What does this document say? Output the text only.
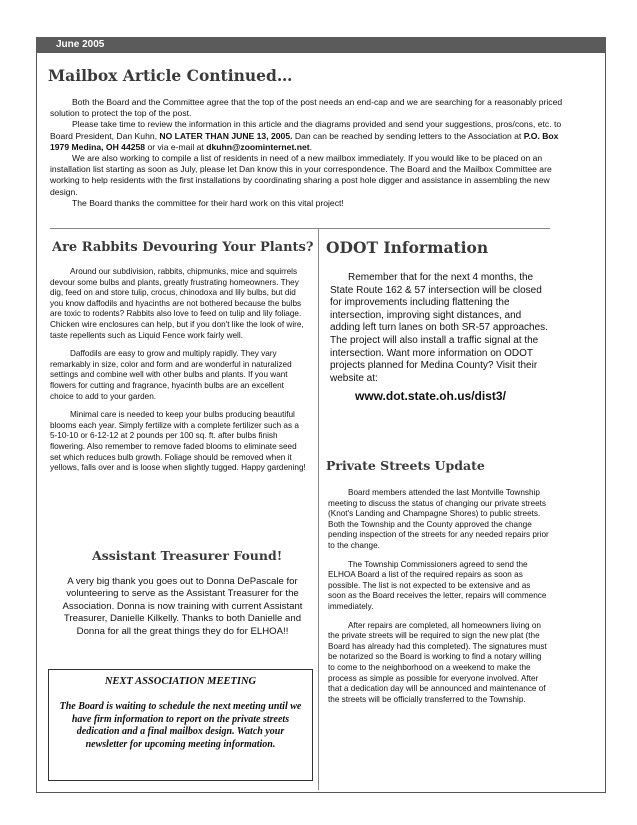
June 2005
Mailbox Article Continued…

Both the Board and the Committee agree that the top of the post needs an end-cap and we are searching for a reasonably priced solution to protect the top of the post.

Please take time to review the information in this article and the diagrams provided and send your suggestions, pros/cons, etc. to Board President, Dan Kuhn, NO LATER THAN JUNE 13, 2005. Dan can be reached by sending letters to the Association at P.O. Box 1979 Medina, OH 44258 or via e-mail at dkuhn@zoominternet.net.

We are also working to compile a list of residents in need of a new mailbox immediately. If you would like to be placed on an installation list starting as soon as July, please let Dan know this in your correspondence. The Board and the Mailbox Committee are working to help residents with the first installations by coordinating sharing a post hole digger and assistance in assembling the new design.

The Board thanks the committee for their hard work on this vital project!

Are Rabbits Devouring Your Plants?

Around our subdivision, rabbits, chipmunks, mice and squirrels devour some bulbs and plants, greatly frustrating homeowners. They dig, feed on and store tulip, crocus, chinodoxa and lily bulbs, but did you know daffodils and hyacinths are not bothered because the bulbs are toxic to rodents? Rabbits also love to feed on tulip and lily foliage. Chicken wire enclosures can help, but if you don't like the look of wire, taste repellents such as Liquid Fence work fairly well.

Daffodils are easy to grow and multiply rapidly. They vary remarkably in size, color and form and are wonderful in naturalized settings and combine well with other bulbs and plants. If you want flowers for cutting and fragrance, hyacinth bulbs are an excellent choice to add to your garden.

Minimal care is needed to keep your bulbs producing beautiful blooms each year. Simply fertilize with a complete fertilizer such as a 5-10-10 or 6-12-12 at 2 pounds per 100 sq. ft. after bulbs finish flowering. Also remember to remove faded blooms to eliminate seed set which reduces bulb growth. Foliage should be removed when it yellows, falls over and is loose when slightly tugged. Happy gardening!

Assistant Treasurer Found!
A very big thank you goes out to Donna DePascale for volunteering to serve as the Assistant Treasurer for the Association. Donna is now training with current Assistant Treasurer, Danielle Kilkelly. Thanks to both Danielle and Donna for all the great things they do for ELHOA!!
NEXT ASSOCIATION MEETING
The Board is waiting to schedule the next meeting until we have firm information to report on the private streets dedication and a final mailbox design. Watch your newsletter for upcoming meeting information.
ODOT Information
Remember that for the next 4 months, the State Route 162 & 57 intersection will be closed for improvements including flattening the intersection, improving sight distances, and adding left turn lanes on both SR-57 approaches. The project will also install a traffic signal at the intersection. Want more information on ODOT projects planned for Medina County? Visit their website at:
www.dot.state.oh.us/dist3/
Private Streets Update

Board members attended the last Montville Township meeting to discuss the status of changing our private streets (Knot's Landing and Champagne Shores) to public streets. Both the Township and the County approved the change pending inspection of the streets for any needed repairs prior to the change.

The Township Commissioners agreed to send the ELHOA Board a list of the required repairs as soon as possible. The list is not expected to be extensive and as soon as the Board receives the letter, repairs will commence immediately.

After repairs are completed, all homeowners living on the private streets will be required to sign the new plat (the Board has already had this completed). The signatures must be notarized so the Board is working to find a notary willing to come to the neighborhood on a weekend to make the process as simple as possible for everyone involved. After that a dedication day will be announced and maintenance of the streets will be officially transferred to the Township.
